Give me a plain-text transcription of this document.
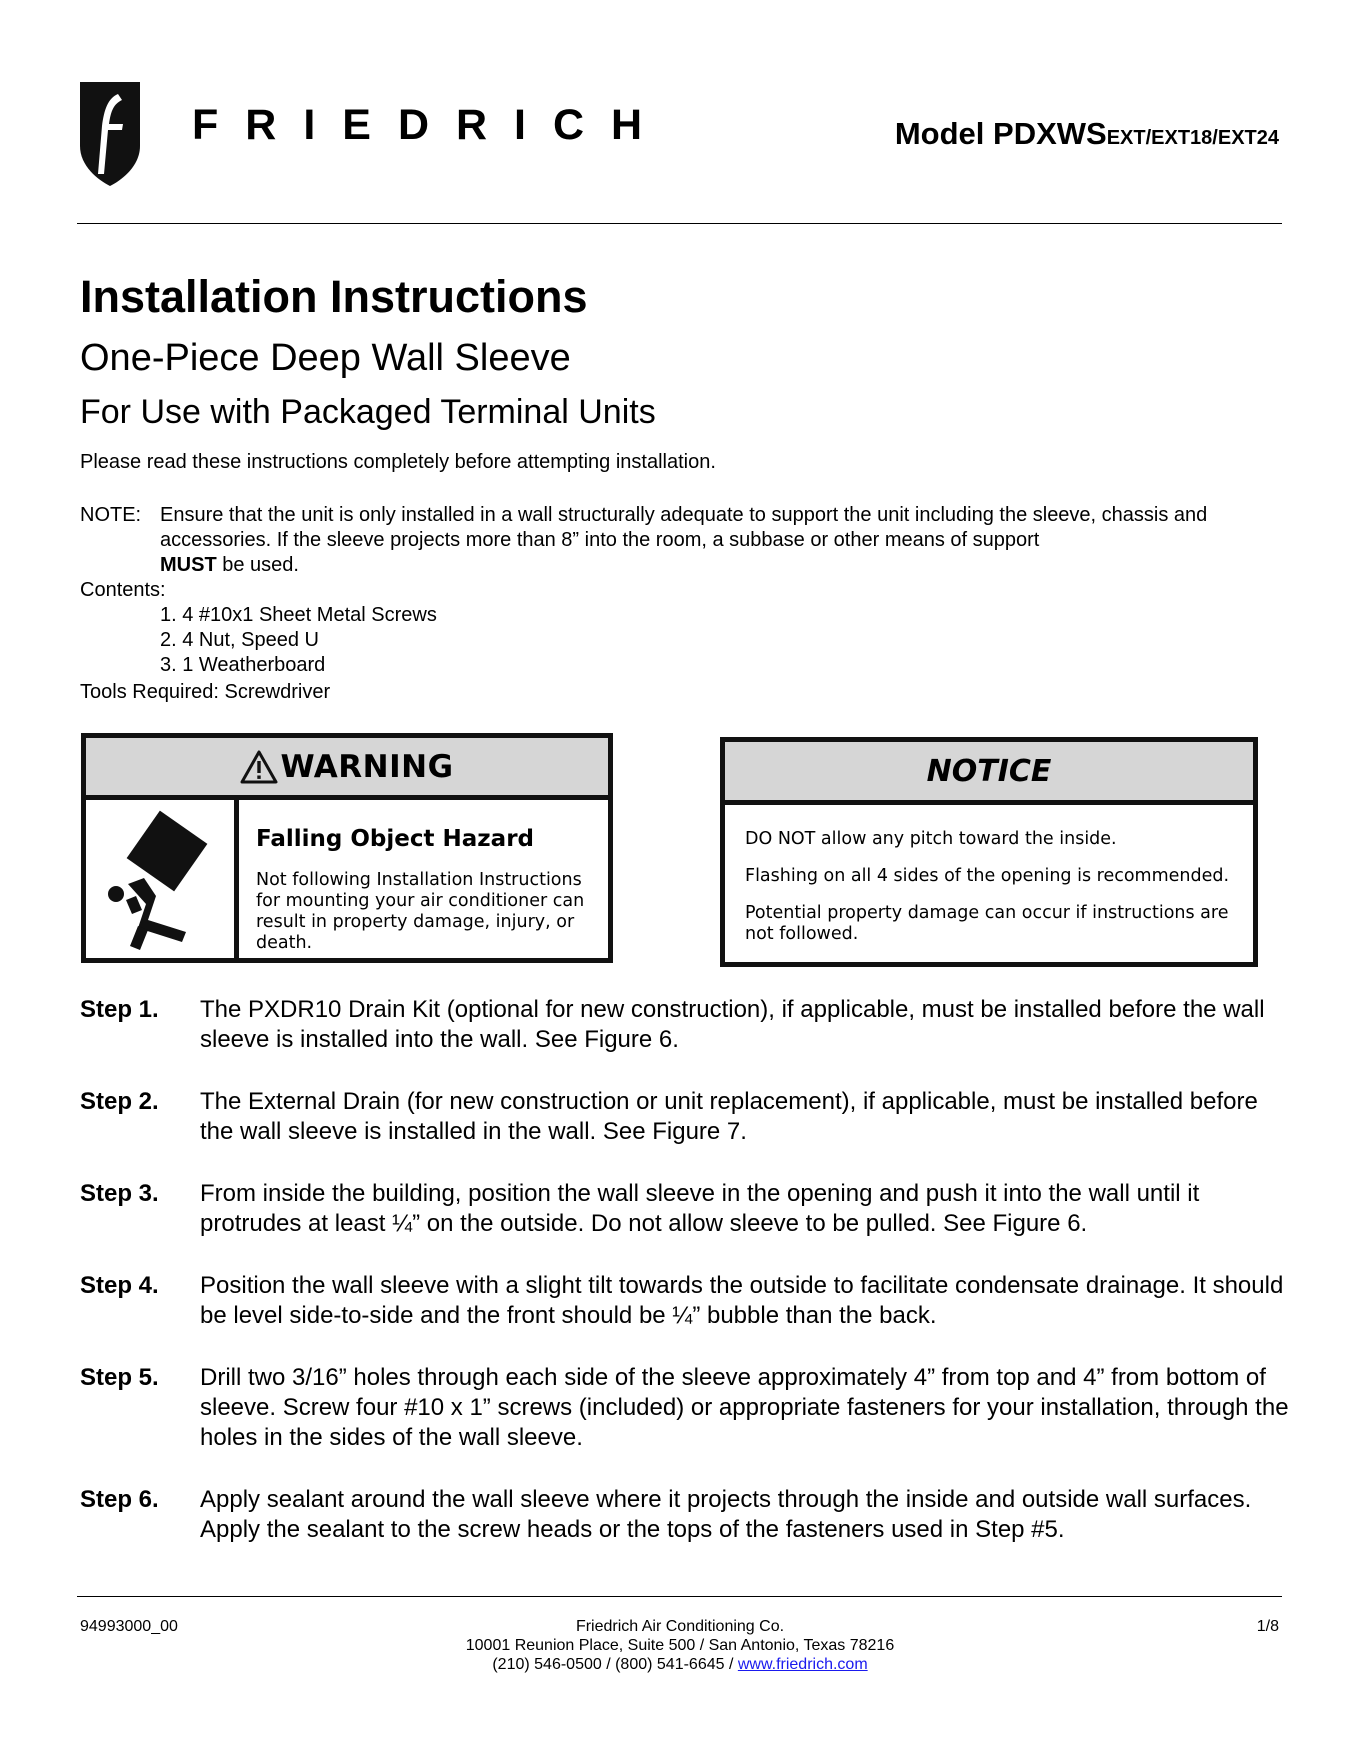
FRIEDRICH	Model PDXWSEXT/EXT18/EXT24
Installation Instructions
One-Piece Deep Wall Sleeve
For Use with Packaged Terminal Units
Please read these instructions completely before attempting installation.
NOTE: Ensure that the unit is only installed in a wall structurally adequate to support the unit including the sleeve, chassis and accessories. If the sleeve projects more than 8” into the room, a subbase or other means of support
MUST be used.
Contents:
1. 4 #10x1 Sheet Metal Screws
2. 4 Nut, Speed U
3. 1 Weatherboard
Tools Required: Screwdriver
WARNING
Falling Object Hazard
Not following Installation Instructions for mounting your air conditioner can result in property damage, injury, or death.
NOTICE
DO NOT allow any pitch toward the inside.
Flashing on all 4 sides of the opening is recommended.
Potential property damage can occur if instructions are not followed.
Step 1. The PXDR10 Drain Kit (optional for new construction), if applicable, must be installed before the wall sleeve is installed into the wall. See Figure 6.
Step 2. The External Drain (for new construction or unit replacement), if applicable, must be installed before the wall sleeve is installed in the wall. See Figure 7.
Step 3. From inside the building, position the wall sleeve in the opening and push it into the wall until it protrudes at least ¼” on the outside. Do not allow sleeve to be pulled. See Figure 6.
Step 4. Position the wall sleeve with a slight tilt towards the outside to facilitate condensate drainage. It should be level side-to-side and the front should be ¼” bubble than the back.
Step 5. Drill two 3/16” holes through each side of the sleeve approximately 4” from top and 4” from bottom of sleeve. Screw four #10 x 1” screws (included) or appropriate fasteners for your installation, through the holes in the sides of the wall sleeve.
Step 6. Apply sealant around the wall sleeve where it projects through the inside and outside wall surfaces. Apply the sealant to the screw heads or the tops of the fasteners used in Step #5.
94993000_00	Friedrich Air Conditioning Co.
10001 Reunion Place, Suite 500 / San Antonio, Texas 78216
(210) 546-0500 / (800) 541-6645 / www.friedrich.com
1/8
